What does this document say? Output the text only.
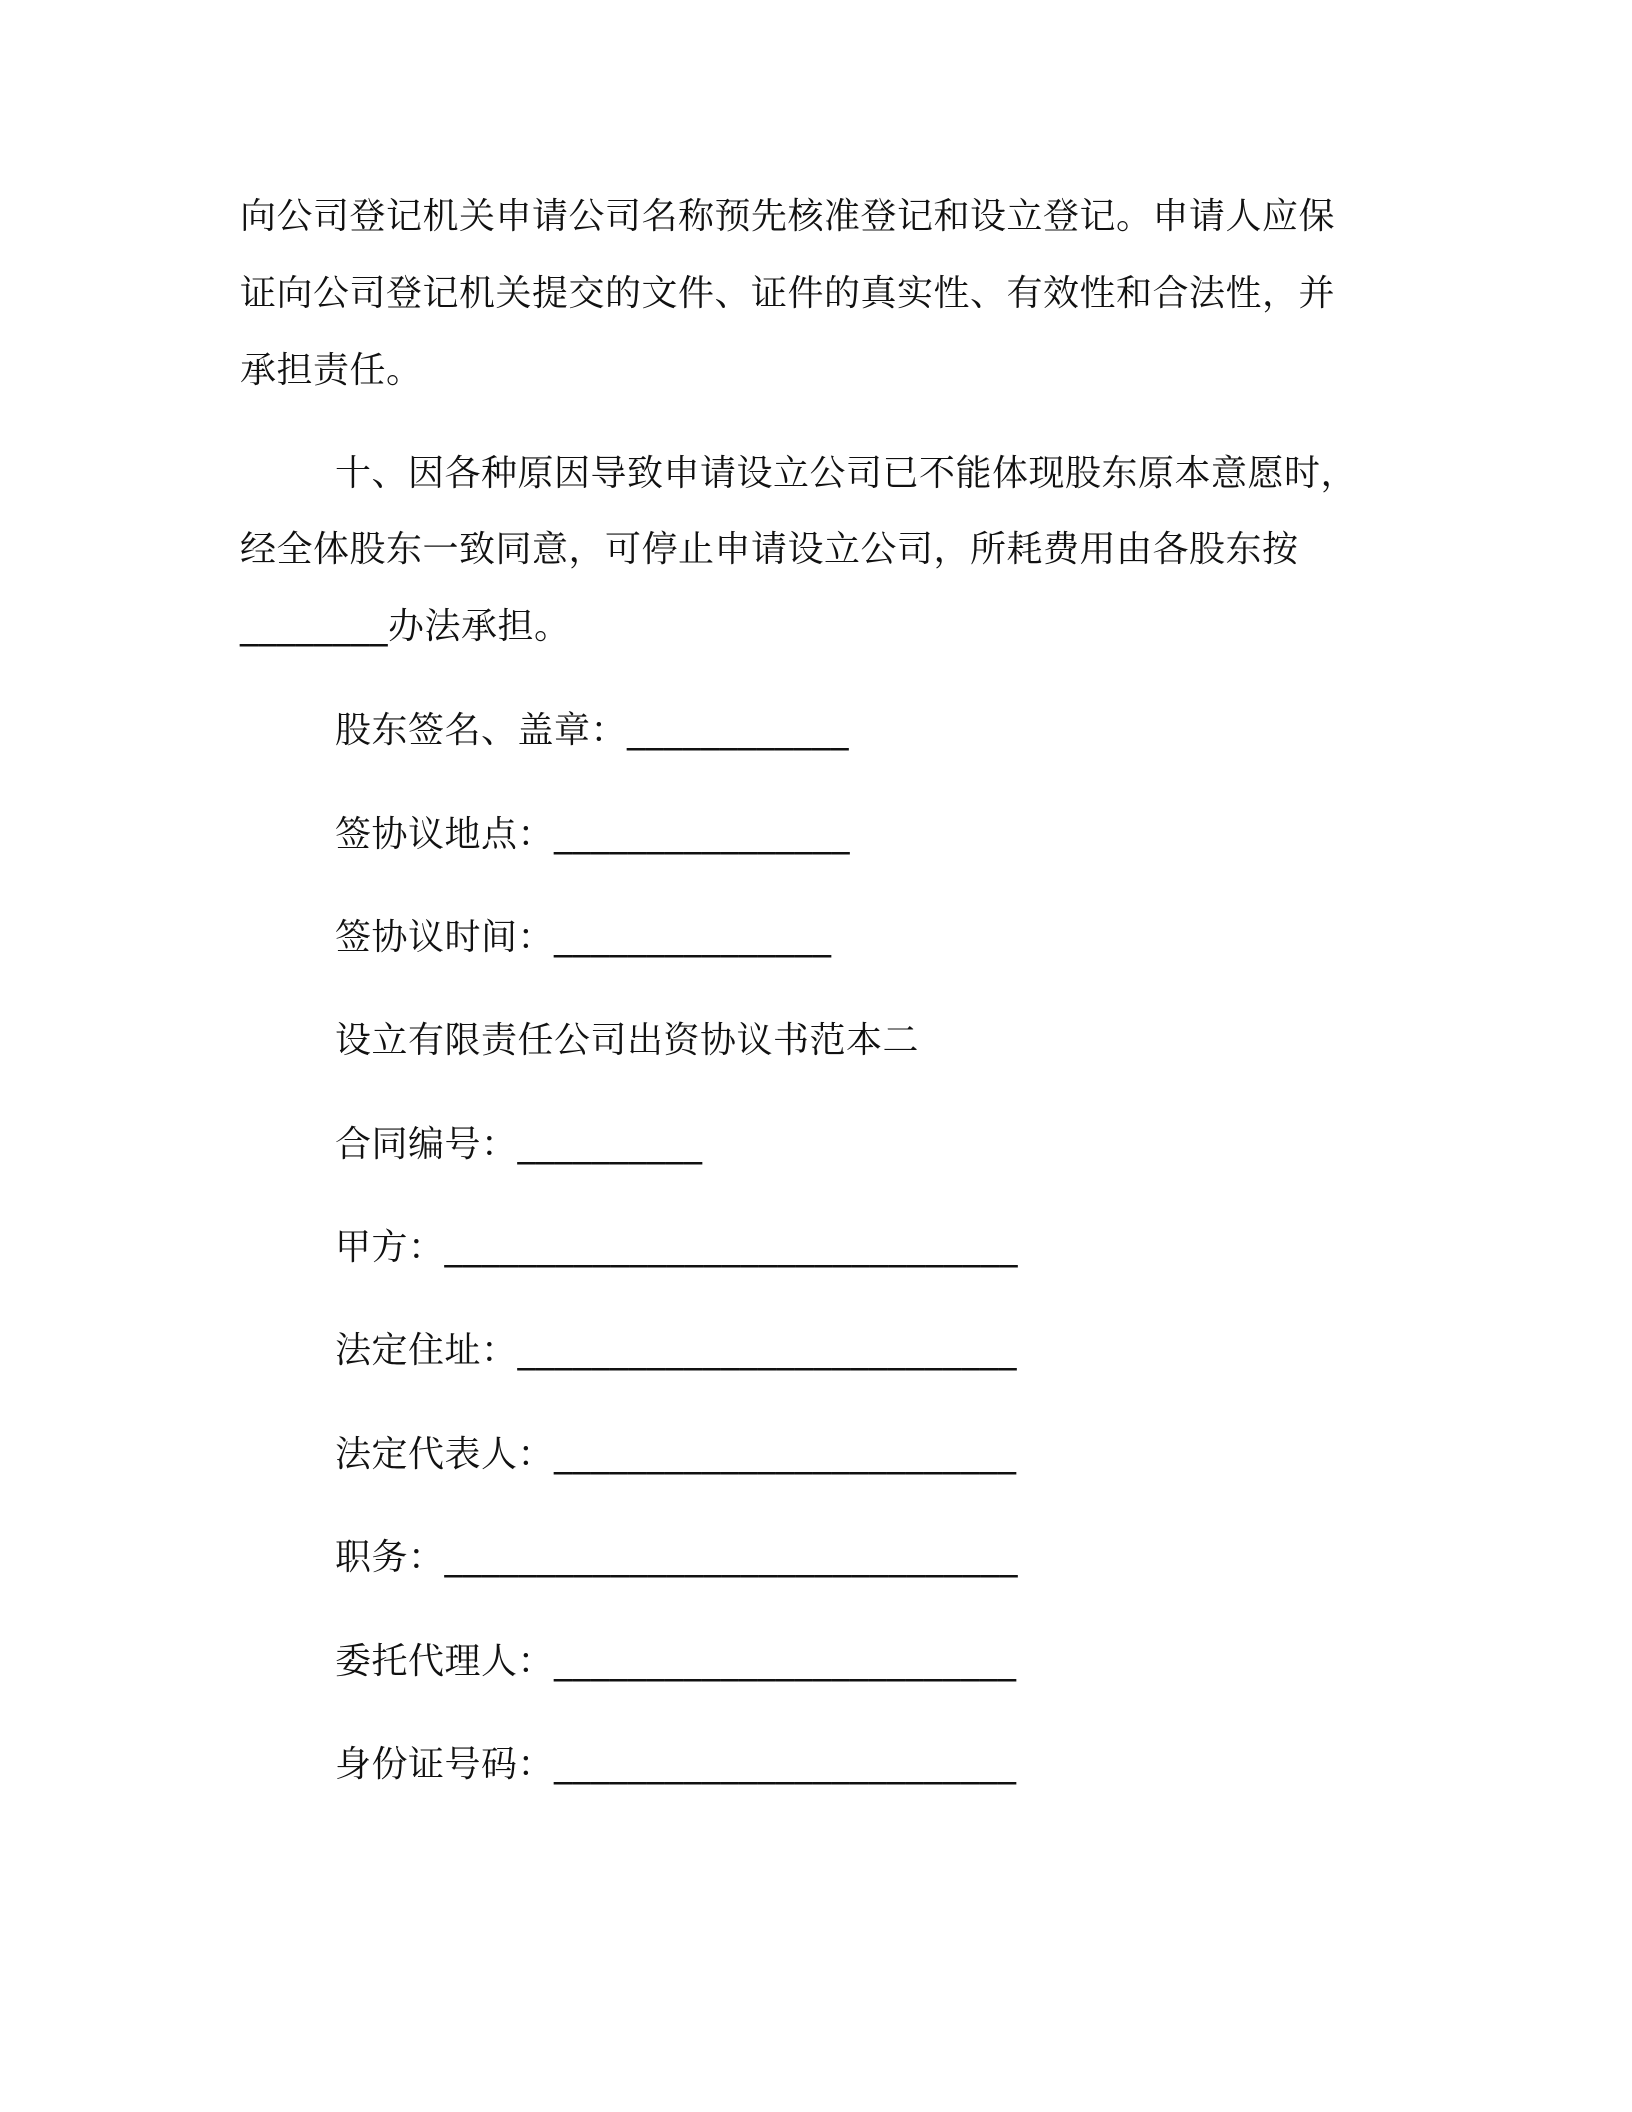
向公司登记机关申请公司名称预先核准登记和设立登记。申请人应保
证向公司登记机关提交的文件、证件的真实性、有效性和合法性，并
承担责任。
十、因各种原因导致申请设立公司已不能体现股东原本意愿时，
经全体股东一致同意，可停止申请设立公司，所耗费用由各股东按
________办法承担。
股东签名、盖章：____________
签协议地点：________________
签协议时间：_______________
设立有限责任公司出资协议书范本二
合同编号：__________
甲方：_______________________________
法定住址：___________________________
法定代表人：_________________________
职务：_______________________________
委托代理人：_________________________
身份证号码：_________________________
